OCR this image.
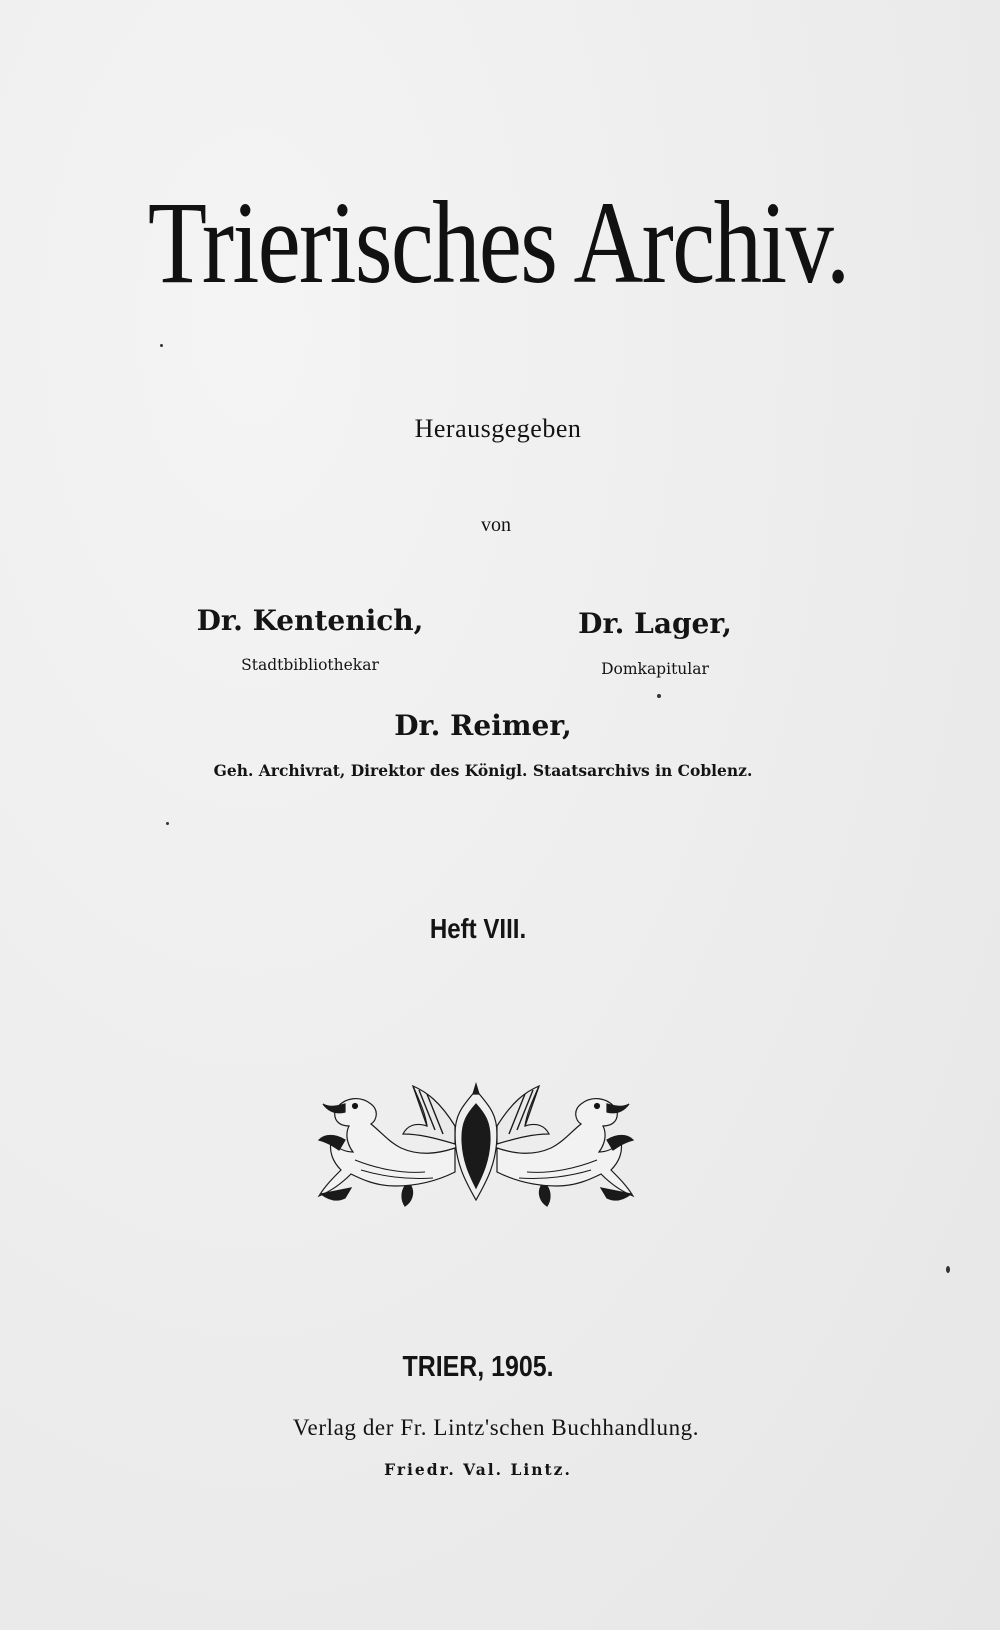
Trierisches Archiv.
Herausgegeben
von
Dr. Kentenich,
Stadtbibliothekar
Dr. Lager,
Domkapitular
Dr. Reimer,
Geh. Archivrat, Direktor des Königl. Staatsarchivs in Coblenz.
Heft VIII.
TRIER, 1905.
Verlag der Fr. Lintz'schen Buchhandlung.
Friedr. Val. Lintz.
